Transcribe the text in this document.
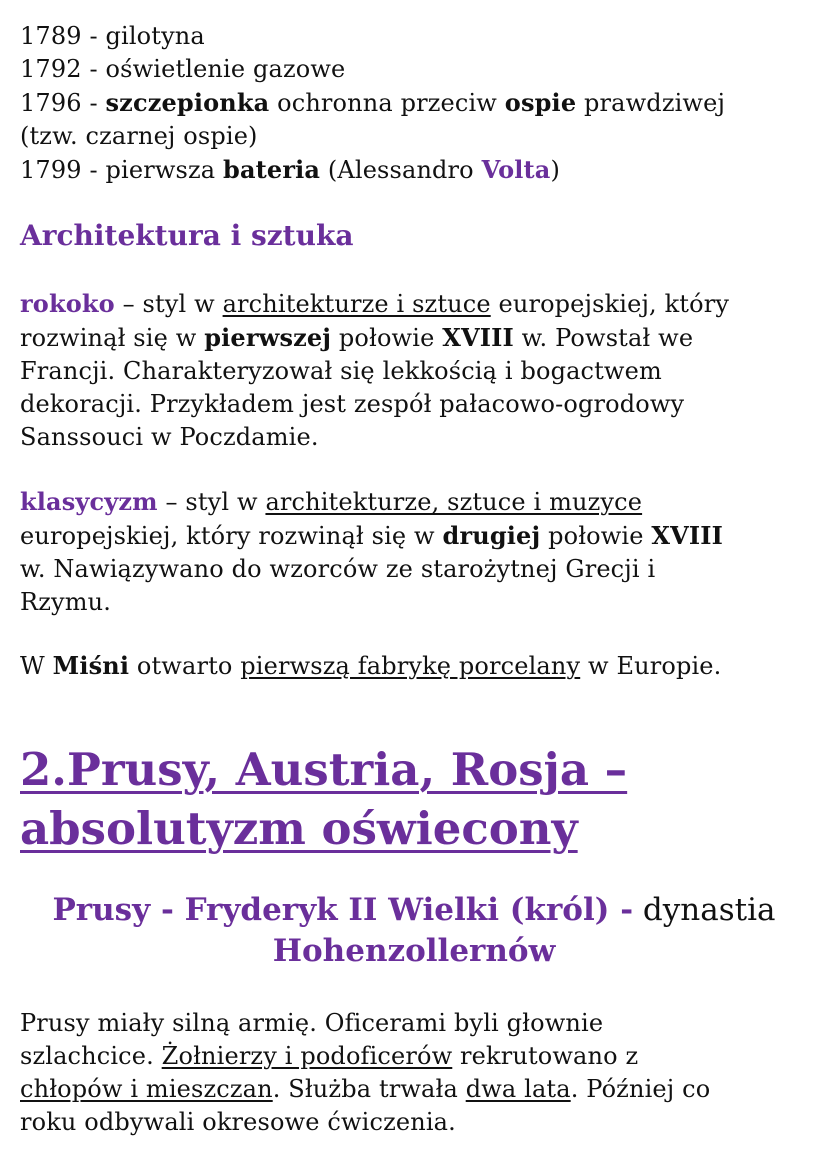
1789 - gilotyna
1792 - oświetlenie gazowe
1796 - szczepionka ochronna przeciw ospie prawdziwej
(tzw. czarnej ospie)
1799 - pierwsza bateria (Alessandro Volta)
Architektura i sztuka
rokoko – styl w architekturze i sztuce europejskiej, który
rozwinął się w pierwszej połowie XVIII w. Powstał we
Francji. Charakteryzował się lekkością i bogactwem
dekoracji. Przykładem jest zespół pałacowo-ogrodowy
Sanssouci w Poczdamie.
klasycyzm – styl w architekturze, sztuce i muzyce
europejskiej, który rozwinął się w drugiej połowie XVIII
w. Nawiązywano do wzorców ze starożytnej Grecji i
Rzymu.
W Miśni otwarto pierwszą fabrykę porcelany w Europie.
2.Prusy, Austria, Rosja –
absolutyzm oświecony
Prusy - Fryderyk II Wielki (król) - dynastia
Hohenzollernów
Prusy miały silną armię. Oficerami byli głownie
szlachcice. Żołnierzy i podoficerów rekrutowano z
chłopów i mieszczan. Służba trwała dwa lata. Później co
roku odbywali okresowe ćwiczenia.
